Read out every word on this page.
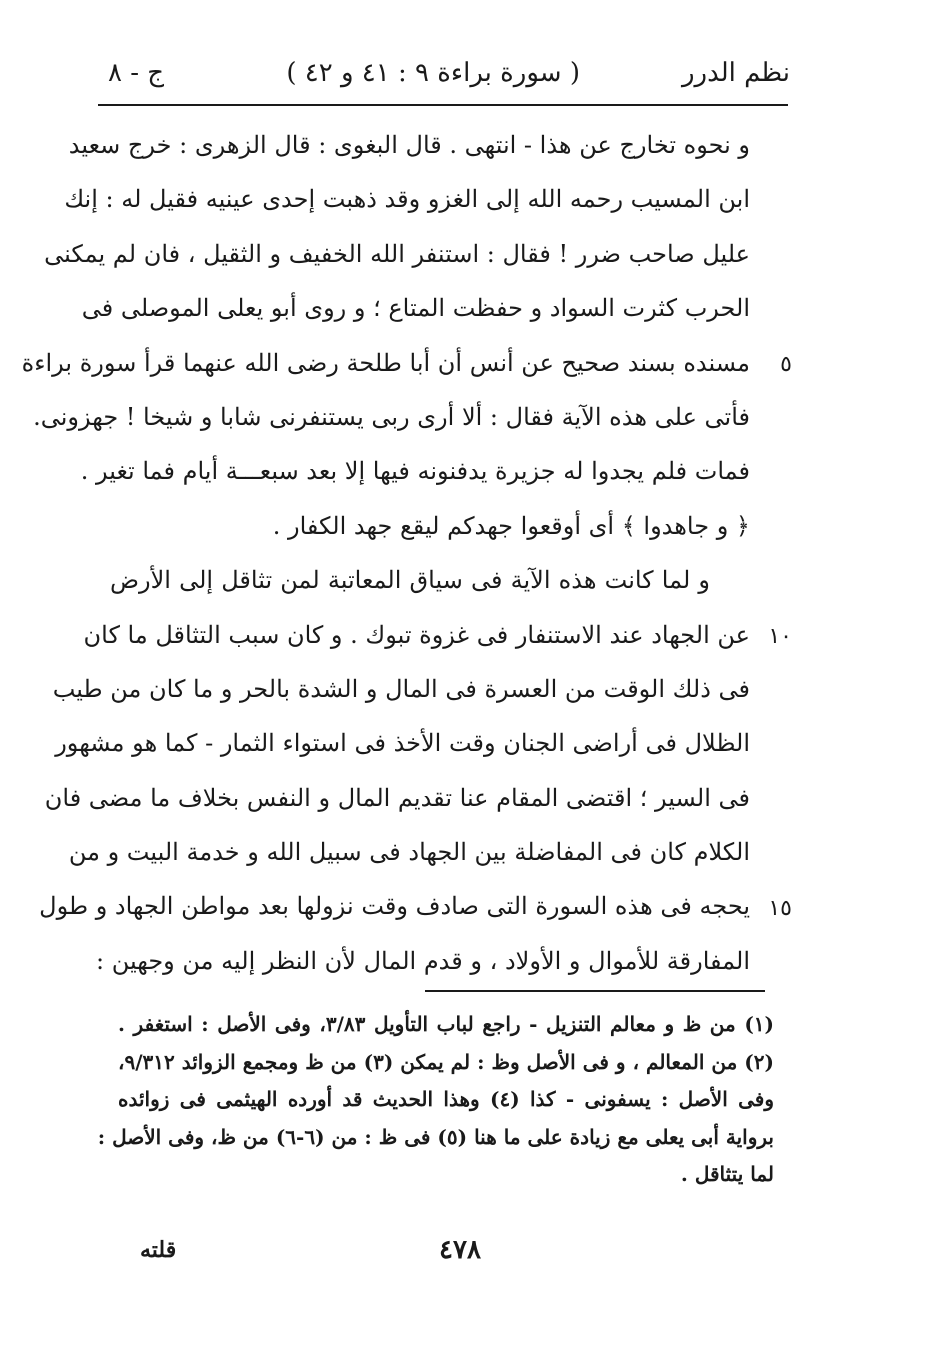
نظم الدرر
( سورة براءة ٩ : ٤١ و ٤٢ )
ج - ٨
و نحوه تخارج عن هذا - انتهى . قال البغوى : قال الزهرى : خرج سعيد
ابن المسيب رحمه الله إلى الغزو وقد ذهبت إحدى عينيه فقيل له : إنك
عليل صاحب ضرر ! فقال : استنفر الله الخفيف و الثقيل ، فان لم يمكنى
الحرب كثرت السواد و حفظت المتاع ؛ و روى أبو يعلى الموصلى فى
مسنده بسند صحيح عن أنس أن أبا طلحة رضى الله عنهما قرأ سورة براءة
فأتى على هذه الآية فقال : ألا أرى ربى يستنفرنى شابا و شيخا ! جهزونى.
فمات فلم يجدوا له جزيرة يدفنونه فيها إلا بعد سبعـــة أيام فما تغير .
﴿ و جاهدوا ﴾ أى أوقعوا جهدكم ليقع جهد الكفار .
و لما كانت هذه الآية فى سياق المعاتبة لمن تثاقل إلى الأرض
عن الجهاد عند الاستنفار فى غزوة تبوك . و كان سبب التثاقل ما كان
فى ذلك الوقت من العسرة فى المال و الشدة بالحر و ما كان من طيب
الظلال فى أراضى الجنان وقت الأخذ فى استواء الثمار - كما هو مشهور
فى السير ؛ اقتضى المقام عنا تقديم المال و النفس بخلاف ما مضى فان
الكلام كان فى المفاضلة بين الجهاد فى سبيل الله و خدمة البيت و من
يحجه فى هذه السورة التى صادف وقت نزولها بعد مواطن الجهاد و طول
المفارقة للأموال و الأولاد ، و قدم المال لأن النظر إليه من وجهين :
٥
١٠
١٥
(١) من ظ و معالم التنزيل - راجع لباب التأويل ٣/٨٣، وفى الأصل : استغفر .
(٢) من المعالم ، و فى الأصل وظ : لم يمكن (٣) من ظ ومجمع الزوائد ٩/٣١٢،
وفى الأصل : يسفونى - كذا (٤) وهذا الحديث قد أورده الهيثمى فى زوائده
برواية أبى يعلى مع زيادة على ما هنا (٥) فى ظ : من (٦-٦) من ظ، وفى الأصل :
لما يتثاقل .
٤٧٨
قلته
